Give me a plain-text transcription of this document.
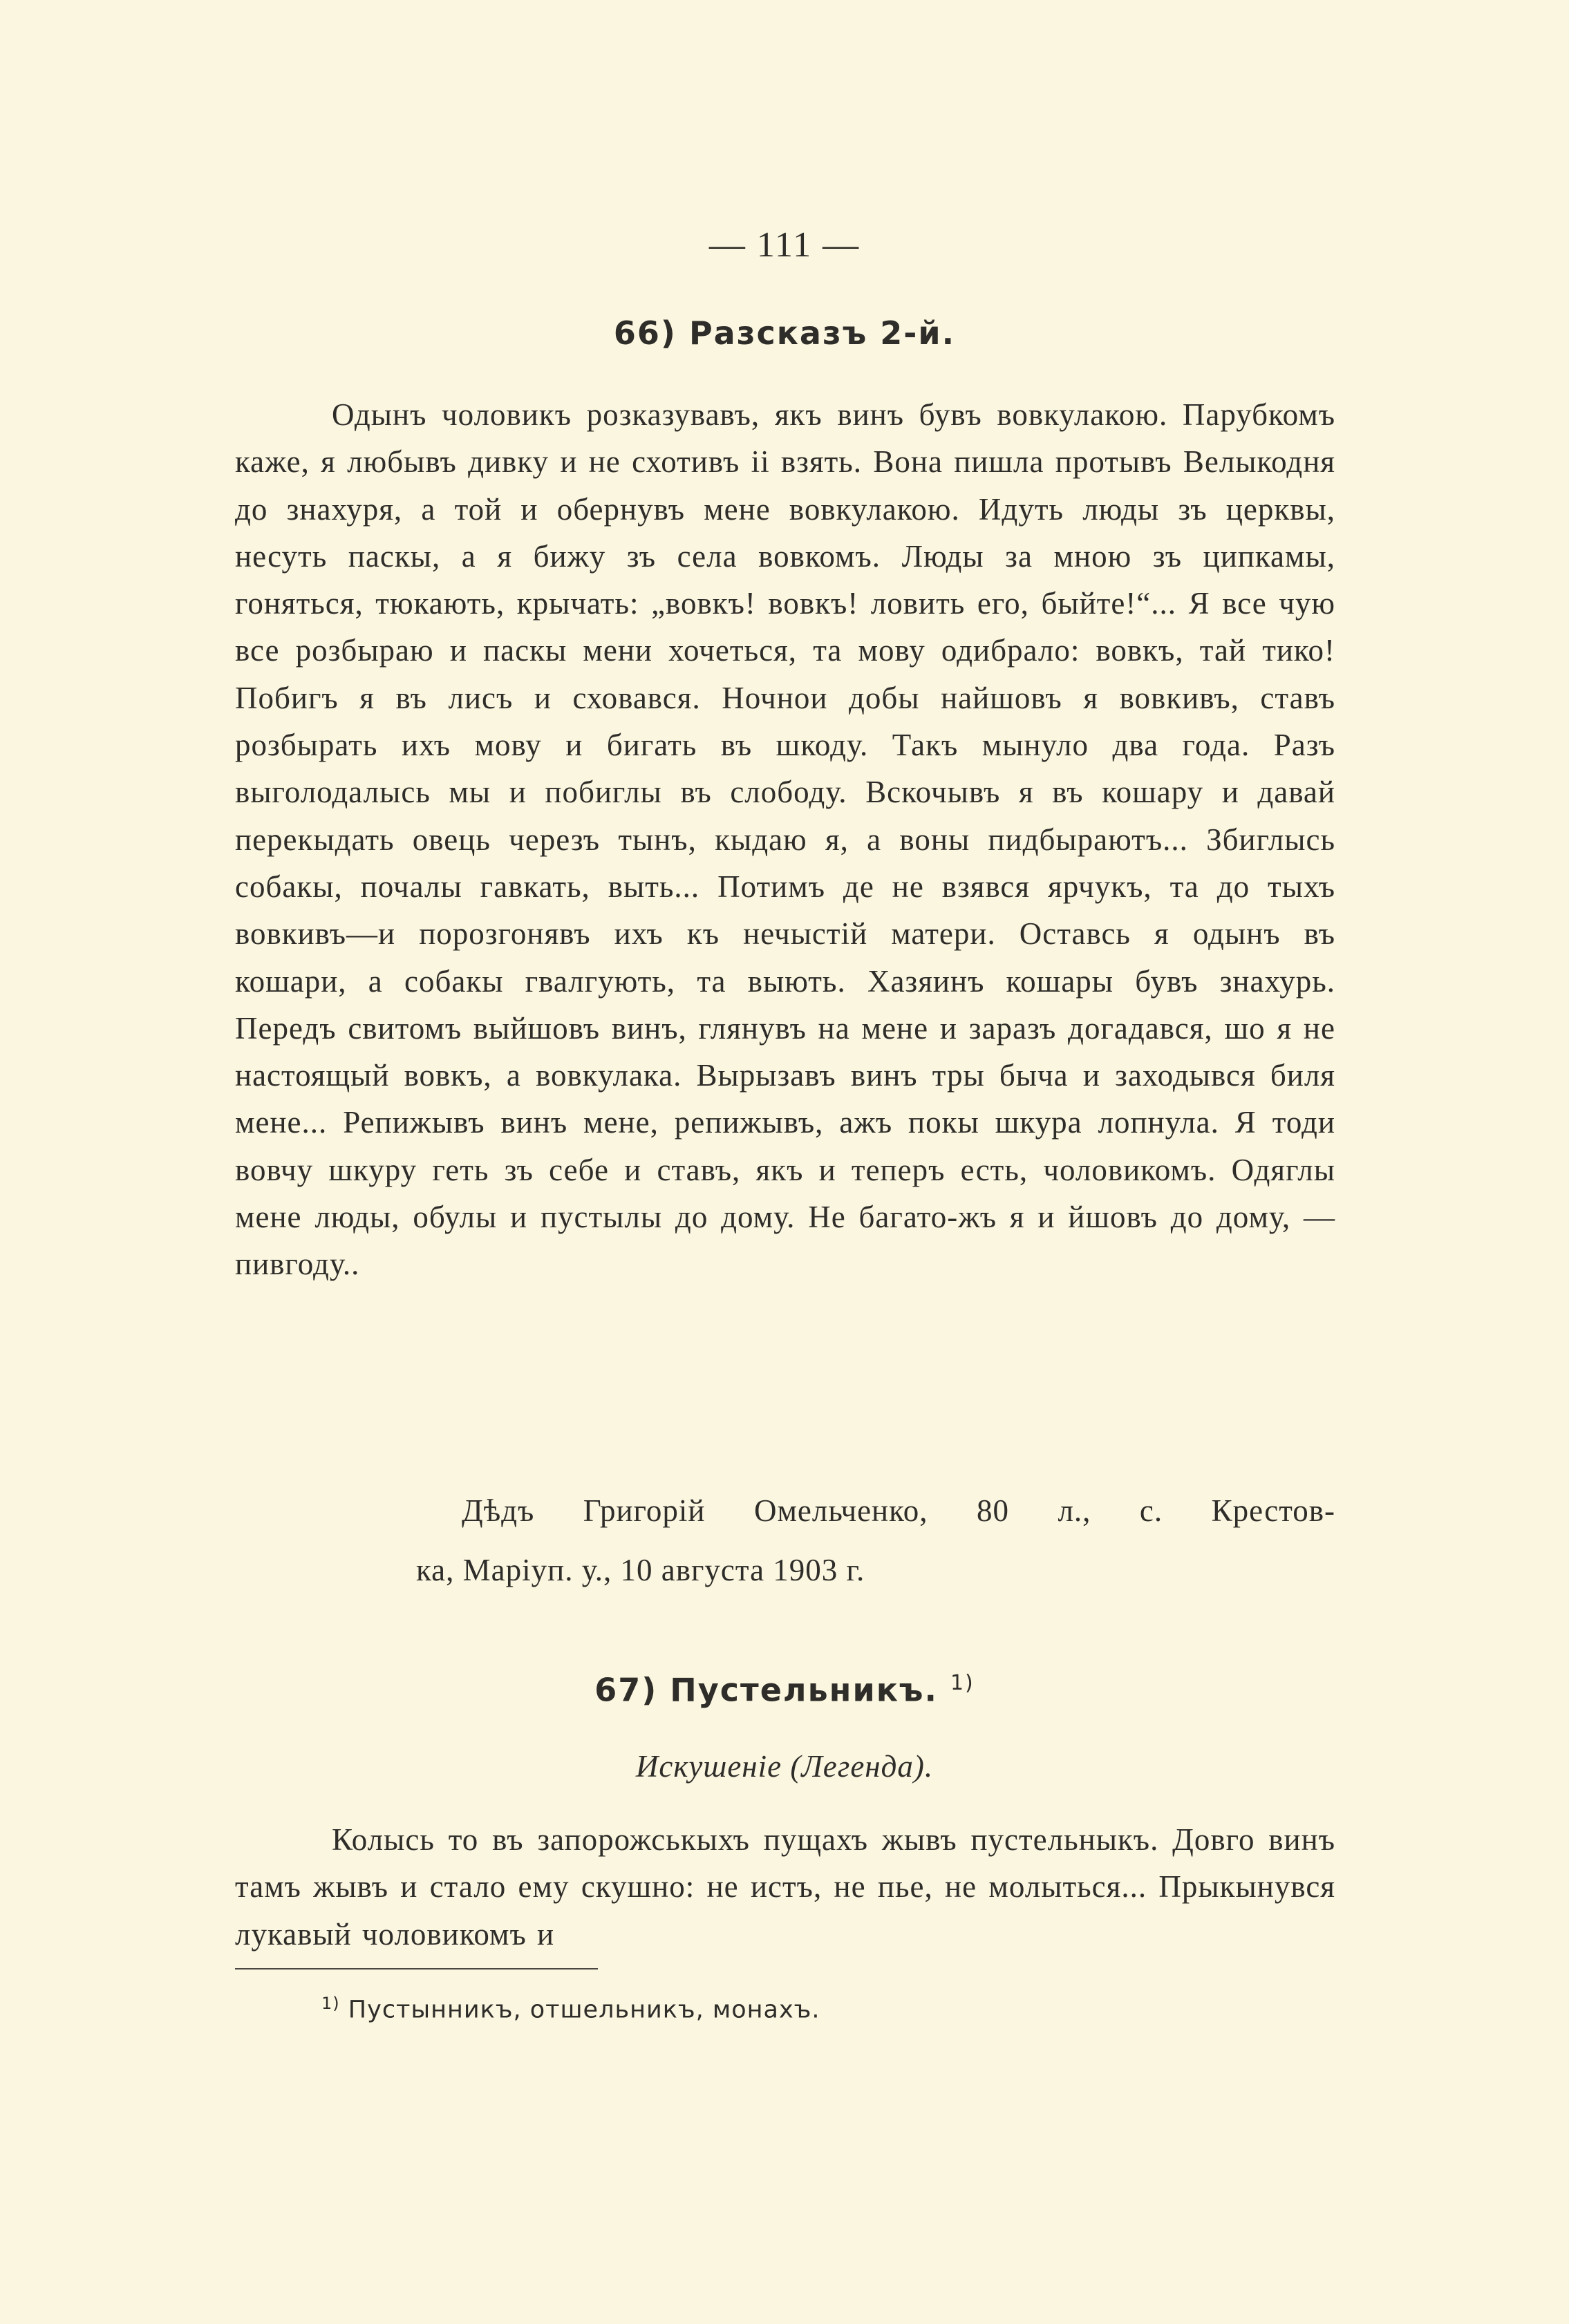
— 111 —
66) Разсказъ 2-й.
Одынъ чоловикъ розказувавъ, якъ винъ бувъ вовкулакою. Парубкомъ каже, я любывъ дивку и не схотивъ ii взять. Вона пишла протывъ Велыкодня до знахуря, а той и обернувъ мене вовкулакою. Идуть люды зъ церквы, несуть паскы, а я бижу зъ села вовкомъ. Люды за мною зъ ципкамы, гоняться, тюкають, крычать: „вовкъ! вовкъ! ловить его, быйте!“... Я все чую все розбыраю и паскы мени хочеться, та мову одибрало: вовкъ, тай тико! Побигъ я въ лисъ и сховався. Ночнои добы найшовъ я вовкивъ, ставъ розбырать ихъ мову и бигать въ шкоду. Такъ мынуло два года. Разъ выголодалысь мы и побиглы въ слободу. Вскочывъ я въ кошару и давай перекыдать овець черезъ тынъ, кыдаю я, а воны пидбыраютъ... Збиглысь собакы, почалы гавкать, выть... Потимъ де не взявся ярчукъ, та до тыхъ вовкивъ—и порозгонявъ ихъ къ нечыстій матери. Оставсь я одынъ въ кошари, а собакы гвалгують, та выють. Хазяинъ кошары бувъ знахурь. Передъ свитомъ выйшовъ винъ, глянувъ на мене и заразъ догадався, шо я не настоящый вовкъ, а вовкулака. Вырызавъ винъ тры быча и заходывся биля мене... Репижывъ винъ мене, репижывъ, ажъ покы шкура лопнула. Я тоди вовчу шкуру геть зъ себе и ставъ, якъ и теперъ есть, чоловикомъ. Одяглы мене люды, обулы и пустылы до дому. Не багато-жъ я и йшовъ до дому, — пивгоду..
Дѣдъ Григорій Омельченко, 80 л., с. Крестов-
ка, Маріуп. у., 10 августа 1903 г.
67) Пустельникъ. $^{1)}$
Искушеніе (Легенда).
Колысь то въ запорожськыхъ пущахъ жывъ пустельныкъ. Довго винъ тамъ жывъ и стало ему скушно: не истъ, не пье, не молыться... Прыкынувся лукавый чоловикомъ и
$^{1)}$ Пустынникъ, отшельникъ, монахъ.
